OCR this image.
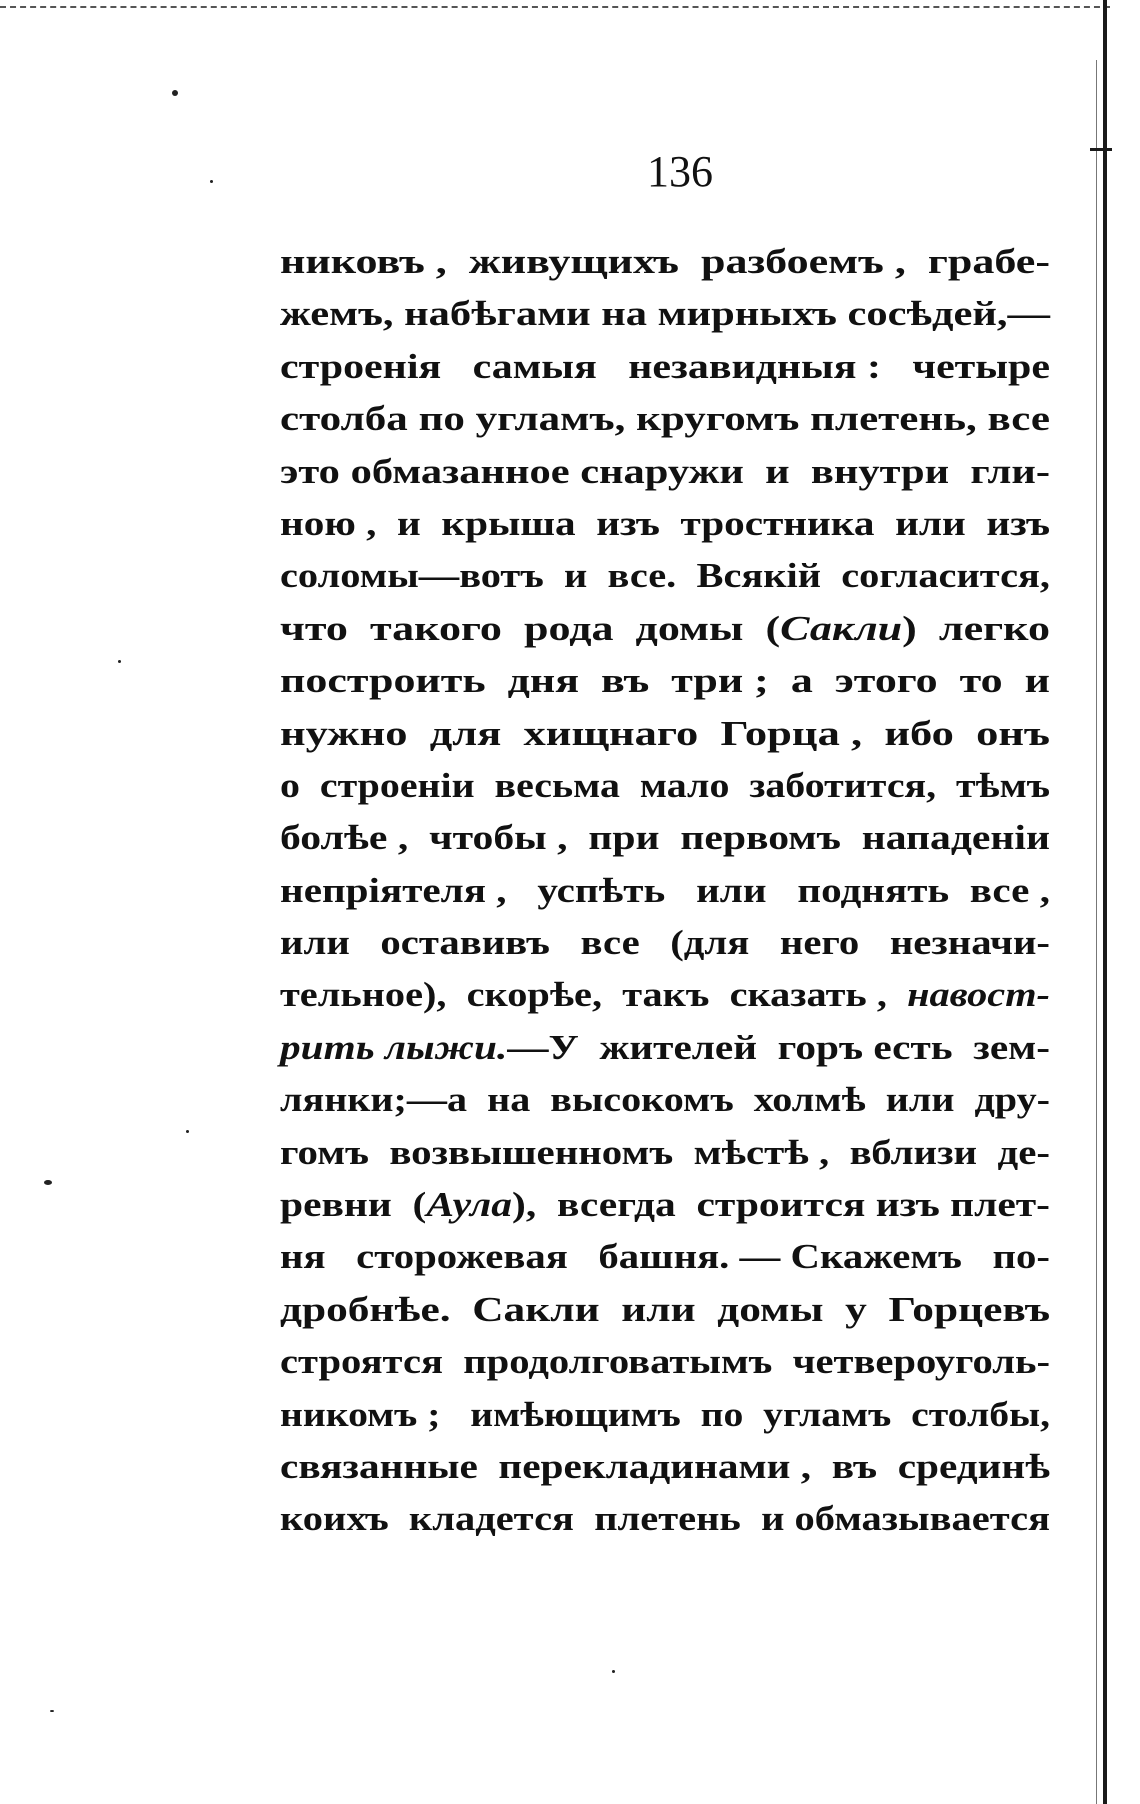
136
никовъ ,  живущихъ  разбоемъ ,  грабе-
жемъ, набѣгами на мирныхъ сосѣдей,—
строенія   самыя   незавидныя :   четыре
столба по угламъ, кругомъ плетень, все
это обмазанное снаружи  и  внутри  гли-
ною ,  и  крыша  изъ  тростника  или  изъ
соломы—вотъ  и  все.  Всякій  согласится,
что  такого  рода  домы  (Сакли)  легко
построить  дня  въ  три ;  а  этого  то  и
нужно  для  хищнаго  Горца ,  ибо  онъ
о  строеніи  весьма  мало  заботится,  тѣмъ
болѣе ,  чтобы ,  при  первомъ  нападеніи
непріятеля ,   успѣть   или   поднять  все ,
или   оставивъ   все   (для   него   незначи-
тельное),  скорѣе,  такъ  сказать ,  навост-
рить лыжи.—У  жителей  горъ есть  зем-
лянки;—а  на  высокомъ  холмѣ  или  дру-
гомъ  возвышенномъ  мѣстѣ ,  вблизи  де-
ревни  (Аула),  всегда  строится изъ плет-
ня   сторожевая   башня. — Скажемъ   по-
дробнѣе.  Сакли  или  домы  у  Горцевъ
строятся  продолговатымъ  четвероуголь-
никомъ ;   имѣющимъ  по  угламъ  столбы,
связанные  перекладинами ,  въ  срединѣ
коихъ  кладется  плетень  и обмазывается
